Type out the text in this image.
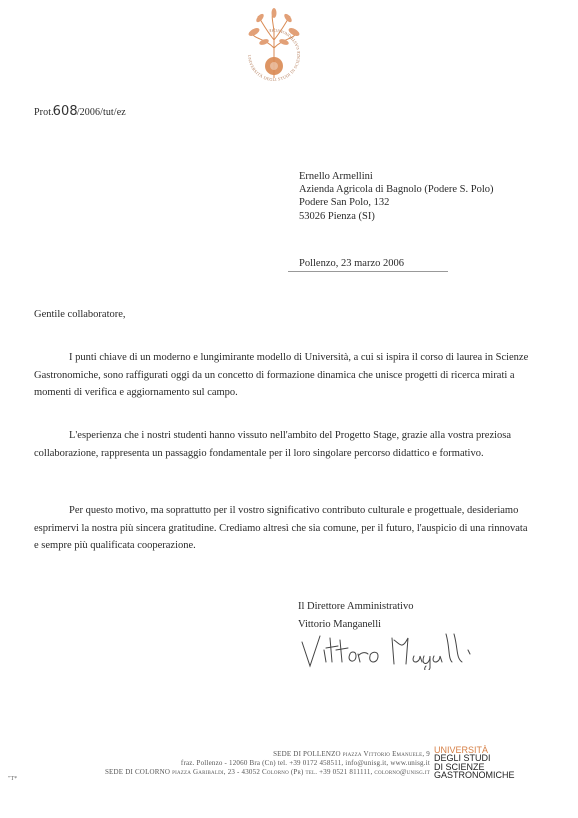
UNIVERSITÀ DEGLI STUDI DI SCIENZE GASTRONOMICHE
Prot.608/2006/tut/ez
Ernello Armellini
Azienda Agricola di Bagnolo (Podere S. Polo)
Podere San Polo, 132
53026 Pienza (SI)
Pollenzo, 23 marzo 2006
Gentile collaboratore,
I punti chiave di un moderno e lungimirante modello di Università, a cui si ispira il corso di laurea in Scienze Gastronomiche, sono raffigurati oggi da un concetto di formazione dinamica che unisce progetti di ricerca mirati a momenti di verifica e aggiornamento sul campo.
L'esperienza che i nostri studenti hanno vissuto nell'ambito del Progetto Stage, grazie alla vostra preziosa collaborazione, rappresenta un passaggio fondamentale per il loro singolare percorso didattico e formativo.
Per questo motivo, ma soprattutto per il vostro significativo contributo culturale e progettuale, desideriamo esprimervi la nostra più sincera gratitudine. Crediamo altresì che sia comune, per il futuro, l'auspicio di una rinnovata e sempre più qualificata cooperazione.
Il Direttore Amministrativo
Vittorio Manganelli
SEDE DI POLLENZO piazza Vittorio Emanuele, 9
fraz. Pollenzo - 12060 Bra (Cn) tel. +39 0172 458511, info@unisg.it, www.unisg.it
SEDE DI COLORNO piazza Garibaldi, 23 - 43052 Colorno (Pr) tel. +39 0521 811111, colorno@unisg.it
UNIVERSITÀ
DEGLI STUDI
DI SCIENZE
GASTRONOMICHE
"T*
